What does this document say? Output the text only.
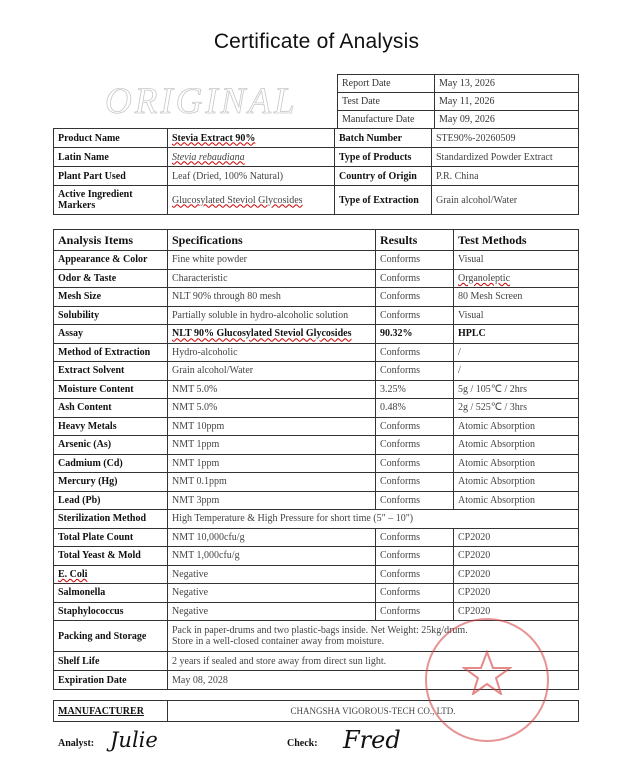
Certificate of Analysis
ORIGINAL	Report Date	May 13, 2026
Test Date	May 11, 2026
Manufacture Date	May 09, 2026
Product Name	Stevia Extract 90%	Batch Number	STE90%-20260509
Latin Name	Stevia rebaudiana	Type of Products	Standardized Powder Extract
Plant Part Used	Leaf (Dried, 100% Natural)	Country of Origin	P.R. China
Active Ingredient Markers	Glucosylated Steviol Glycosides	Type of Extraction	Grain alcohol/Water
Analysis Items	Specifications	Results	Test Methods
Appearance & Color	Fine white powder	Conforms	Visual
Odor & Taste	Characteristic	Conforms	Organoleptic
Mesh Size	NLT 90% through 80 mesh	Conforms	80 Mesh Screen
Solubility	Partially soluble in hydro-alcoholic solution	Conforms	Visual
Assay	NLT 90% Glucosylated Steviol Glycosides	90.32%	HPLC
Method of Extraction	Hydro-alcoholic	Conforms	/
Extract Solvent	Grain alcohol/Water	Conforms	/
Moisture Content	NMT 5.0%	3.25%	5g / 105℃ / 2hrs
Ash Content	NMT 5.0%	0.48%	2g / 525℃ / 3hrs
Heavy Metals	NMT 10ppm	Conforms	Atomic Absorption
Arsenic (As)	NMT 1ppm	Conforms	Atomic Absorption
Cadmium (Cd)	NMT 1ppm	Conforms	Atomic Absorption
Mercury (Hg)	NMT 0.1ppm	Conforms	Atomic Absorption
Lead (Pb)	NMT 3ppm	Conforms	Atomic Absorption
Sterilization Method	High Temperature & High Pressure for short time (5" – 10")		
Total Plate Count	NMT 10,000cfu/g	Conforms	CP2020
Total Yeast & Mold	NMT 1,000cfu/g	Conforms	CP2020
E. Coli	Negative	Conforms	CP2020
Salmonella	Negative	Conforms	CP2020
Staphylococcus	Negative	Conforms	CP2020
Packing and Storage	Pack in paper-drums and two plastic-bags inside. Net Weight: 25kg/drum.
Store in a well-closed container away from moisture.		

Shelf Life	2 years if sealed and store away from direct sun light.		
Expiration Date	May 08, 2028		
MANUFACTURER	CHANGSHA VIGOROUS-TECH CO., LTD.
Analyst: Julie	Check: Fred
